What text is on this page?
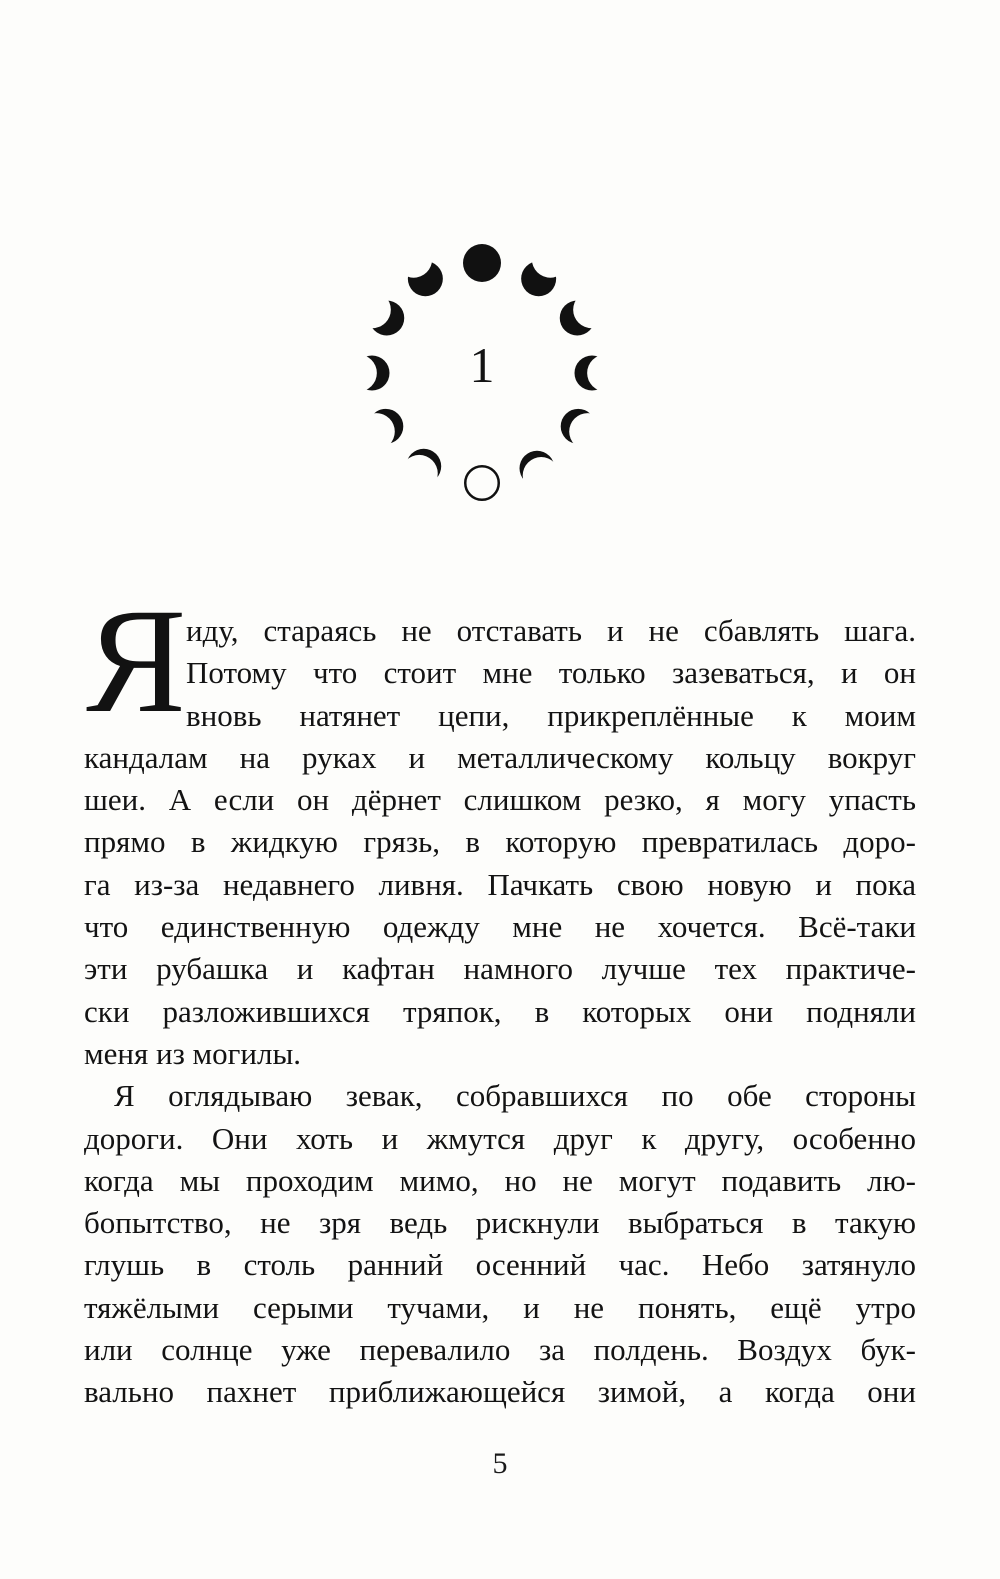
1
Я иду, стараясь не отставать и не сбавлять шага.
Потому что стоит мне только зазеваться, и он
вновь натянет цепи, прикреплённые к моим
кандалам на руках и металлическому кольцу вокруг
шеи. А если он дёрнет слишком резко, я могу упасть
прямо в жидкую грязь, в которую превратилась доро-
га из-за недавнего ливня. Пачкать свою новую и пока
что единственную одежду мне не хочется. Всё-таки
эти рубашка и кафтан намного лучше тех практиче-
ски разложившихся тряпок, в которых они подняли
меня из могилы.
Я оглядываю зевак, собравшихся по обе стороны
дороги. Они хоть и жмутся друг к другу, особенно
когда мы проходим мимо, но не могут подавить лю-
бопытство, не зря ведь рискнули выбраться в такую
глушь в столь ранний осенний час. Небо затянуло
тяжёлыми серыми тучами, и не понять, ещё утро
или солнце уже перевалило за полдень. Воздух бук-
вально пахнет приближающейся зимой, а когда они
5
